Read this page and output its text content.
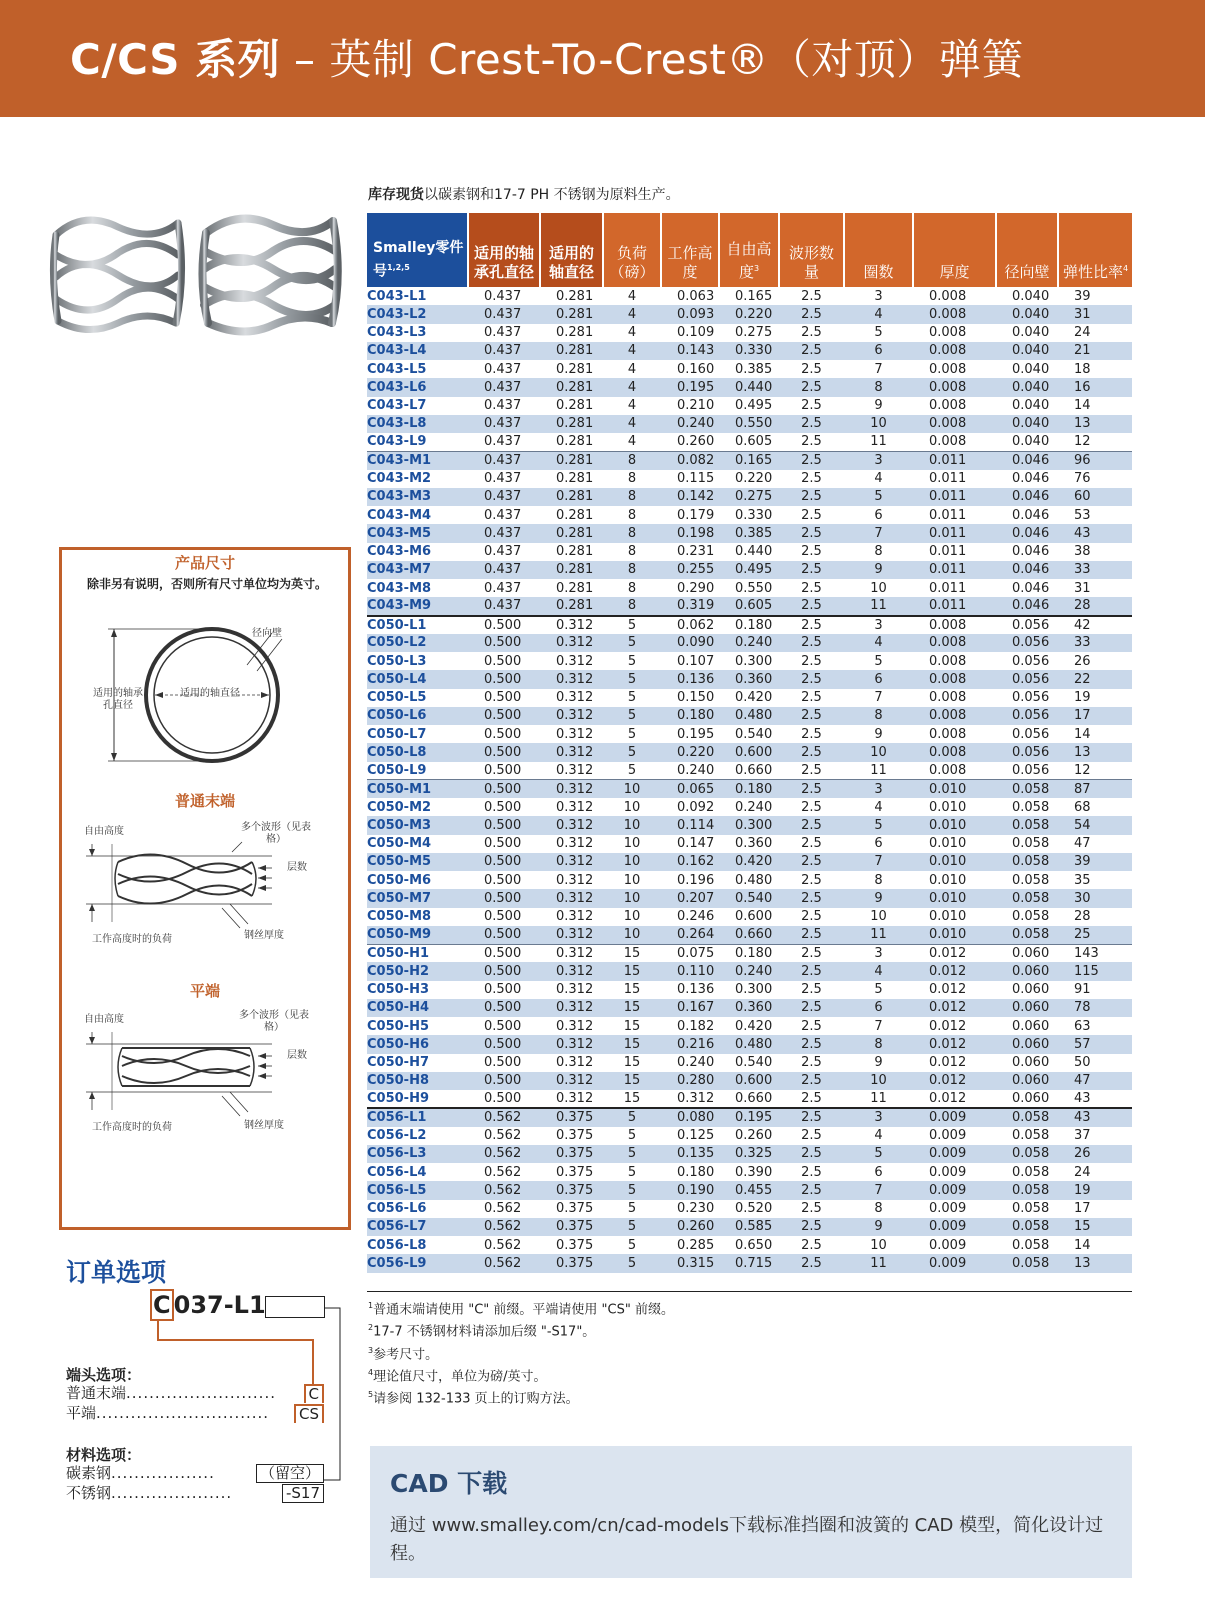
C/CS 系列 – 英制 Crest-To-Crest®（对顶）弹簧
库存现货以碳素钢和17-7 PH 不锈钢为原料生产。
Smalley零件号$^{1,2,5}$	适用的轴承孔直径	适用的轴直径	负荷（磅）	工作高度	自由高度$^3$	波形数量	圈数	厚度	径向壁	弹性比率$^4$
C043-L1	0.437	0.281	4	0.063	0.165	2.5	3	0.008	0.040	39
C043-L2	0.437	0.281	4	0.093	0.220	2.5	4	0.008	0.040	31
C043-L3	0.437	0.281	4	0.109	0.275	2.5	5	0.008	0.040	24
C043-L4	0.437	0.281	4	0.143	0.330	2.5	6	0.008	0.040	21
C043-L5	0.437	0.281	4	0.160	0.385	2.5	7	0.008	0.040	18
C043-L6	0.437	0.281	4	0.195	0.440	2.5	8	0.008	0.040	16
C043-L7	0.437	0.281	4	0.210	0.495	2.5	9	0.008	0.040	14
C043-L8	0.437	0.281	4	0.240	0.550	2.5	10	0.008	0.040	13
C043-L9	0.437	0.281	4	0.260	0.605	2.5	11	0.008	0.040	12
C043-M1	0.437	0.281	8	0.082	0.165	2.5	3	0.011	0.046	96
C043-M2	0.437	0.281	8	0.115	0.220	2.5	4	0.011	0.046	76
C043-M3	0.437	0.281	8	0.142	0.275	2.5	5	0.011	0.046	60
C043-M4	0.437	0.281	8	0.179	0.330	2.5	6	0.011	0.046	53
C043-M5	0.437	0.281	8	0.198	0.385	2.5	7	0.011	0.046	43
C043-M6	0.437	0.281	8	0.231	0.440	2.5	8	0.011	0.046	38
C043-M7	0.437	0.281	8	0.255	0.495	2.5	9	0.011	0.046	33
C043-M8	0.437	0.281	8	0.290	0.550	2.5	10	0.011	0.046	31
C043-M9	0.437	0.281	8	0.319	0.605	2.5	11	0.011	0.046	28
C050-L1	0.500	0.312	5	0.062	0.180	2.5	3	0.008	0.056	42
C050-L2	0.500	0.312	5	0.090	0.240	2.5	4	0.008	0.056	33
C050-L3	0.500	0.312	5	0.107	0.300	2.5	5	0.008	0.056	26
C050-L4	0.500	0.312	5	0.136	0.360	2.5	6	0.008	0.056	22
C050-L5	0.500	0.312	5	0.150	0.420	2.5	7	0.008	0.056	19
C050-L6	0.500	0.312	5	0.180	0.480	2.5	8	0.008	0.056	17
C050-L7	0.500	0.312	5	0.195	0.540	2.5	9	0.008	0.056	14
C050-L8	0.500	0.312	5	0.220	0.600	2.5	10	0.008	0.056	13
C050-L9	0.500	0.312	5	0.240	0.660	2.5	11	0.008	0.056	12
C050-M1	0.500	0.312	10	0.065	0.180	2.5	3	0.010	0.058	87
C050-M2	0.500	0.312	10	0.092	0.240	2.5	4	0.010	0.058	68
C050-M3	0.500	0.312	10	0.114	0.300	2.5	5	0.010	0.058	54
C050-M4	0.500	0.312	10	0.147	0.360	2.5	6	0.010	0.058	47
C050-M5	0.500	0.312	10	0.162	0.420	2.5	7	0.010	0.058	39
C050-M6	0.500	0.312	10	0.196	0.480	2.5	8	0.010	0.058	35
C050-M7	0.500	0.312	10	0.207	0.540	2.5	9	0.010	0.058	30
C050-M8	0.500	0.312	10	0.246	0.600	2.5	10	0.010	0.058	28
C050-M9	0.500	0.312	10	0.264	0.660	2.5	11	0.010	0.058	25
C050-H1	0.500	0.312	15	0.075	0.180	2.5	3	0.012	0.060	143
C050-H2	0.500	0.312	15	0.110	0.240	2.5	4	0.012	0.060	115
C050-H3	0.500	0.312	15	0.136	0.300	2.5	5	0.012	0.060	91
C050-H4	0.500	0.312	15	0.167	0.360	2.5	6	0.012	0.060	78
C050-H5	0.500	0.312	15	0.182	0.420	2.5	7	0.012	0.060	63
C050-H6	0.500	0.312	15	0.216	0.480	2.5	8	0.012	0.060	57
C050-H7	0.500	0.312	15	0.240	0.540	2.5	9	0.012	0.060	50
C050-H8	0.500	0.312	15	0.280	0.600	2.5	10	0.012	0.060	47
C050-H9	0.500	0.312	15	0.312	0.660	2.5	11	0.012	0.060	43
C056-L1	0.562	0.375	5	0.080	0.195	2.5	3	0.009	0.058	43
C056-L2	0.562	0.375	5	0.125	0.260	2.5	4	0.009	0.058	37
C056-L3	0.562	0.375	5	0.135	0.325	2.5	5	0.009	0.058	26
C056-L4	0.562	0.375	5	0.180	0.390	2.5	6	0.009	0.058	24
C056-L5	0.562	0.375	5	0.190	0.455	2.5	7	0.009	0.058	19
C056-L6	0.562	0.375	5	0.230	0.520	2.5	8	0.009	0.058	17
C056-L7	0.562	0.375	5	0.260	0.585	2.5	9	0.009	0.058	15
C056-L8	0.562	0.375	5	0.285	0.650	2.5	10	0.009	0.058	14
C056-L9	0.562	0.375	5	0.315	0.715	2.5	11	0.009	0.058	13
$^1$普通末端请使用 "C" 前缀。平端请使用 "CS" 前缀。
$^2$17-7 不锈钢材料请添加后缀 "-S17"。
$^3$参考尺寸。
$^4$理论值尺寸，单位为磅/英寸。
$^5$请参阅 132-133 页上的订购方法。
产品尺寸
除非另有说明，否则所有尺寸单位均为英寸。
径向壁
适用的轴承孔直径
适用的轴直径
普通末端
自由高度	多个波形（见表格）
层数
工作高度时的负荷	钢丝厚度
平端
自由高度	多个波形（见表格）
层数
工作高度时的负荷	钢丝厚度
订单选项
C 037-L1
端头选项：
普通末端..........................	C
平端..............................	CS
材料选项：
碳素钢..................	（留空）
不锈钢.....................	-S17	CAD 下载
通过 www.smalley.com/cn/cad-models下载标准挡圈和波簧的 CAD 模型，简化设计过程。
